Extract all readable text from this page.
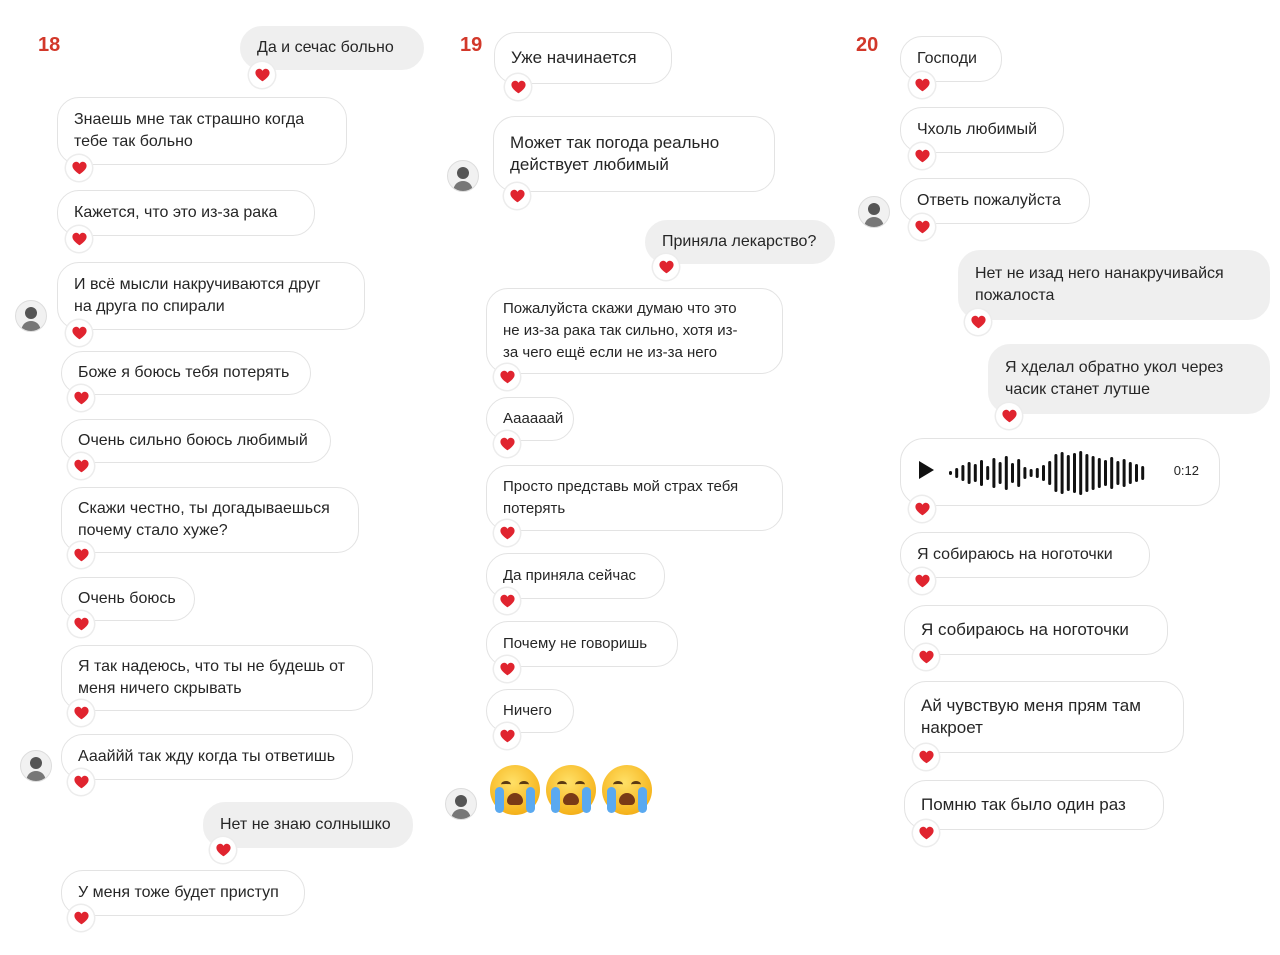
18	19	20
Да и сечас больно
Знаешь мне так страшно когда
тебе так больно
Кажется, что это из-за рака
И всё мысли накручиваются друг
на друга по спирали
Боже я боюсь тебя потерять
Очень сильно боюсь любимый
Скажи честно, ты догадываешься
почему стало хуже?
Очень боюсь
Я так надеюсь, что ты не будешь от
меня ничего скрывать
Аааййй так жду когда ты ответишь
Нет не знаю солнышко
У меня тоже будет приступ
Уже начинается
Может так погода реально
действует любимый
Приняла лекарство?
Пожалуйста скажи думаю что это
не из-за рака так сильно, хотя из-
за чего ещё если не из-за него
Аааааай
Просто представь мой страх тебя
потерять
Да приняла сейчас
Почему не говоришь
Ничего
Господи
Чхоль любимый
Ответь пожалуйста
Нет не изад него нанакручивайся
пожалоста
Я хделал обратно укол через
часик станет лутше
0:12
Я собираюсь на ноготочки
Я собираюсь на ноготочки
Ай чувствую меня прям там
накроет
Помню так было один раз
